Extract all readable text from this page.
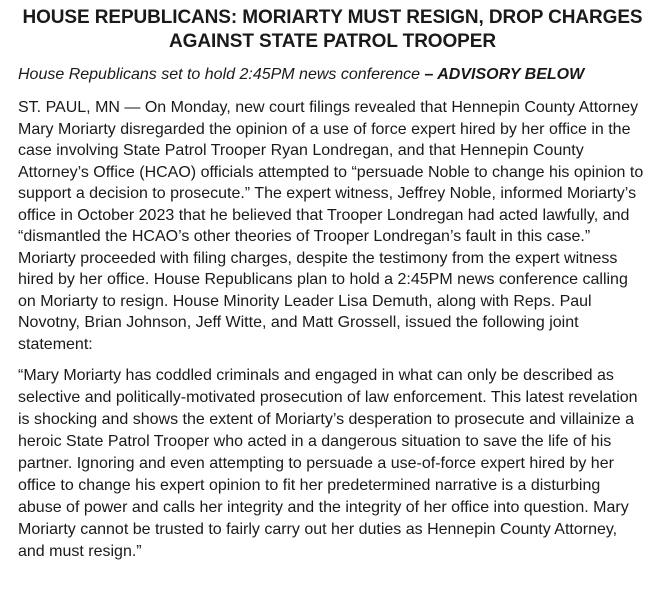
HOUSE REPUBLICANS: MORIARTY MUST RESIGN, DROP CHARGES AGAINST STATE PATROL TROOPER

House Republicans set to hold 2:45PM news conference – ADVISORY BELOW

ST. PAUL, MN — On Monday, new court filings revealed that Hennepin County Attorney Mary Moriarty disregarded the opinion of a use of force expert hired by her office in the case involving State Patrol Trooper Ryan Londregan, and that Hennepin County Attorney’s Office (HCAO) officials attempted to “persuade Noble to change his opinion to support a decision to prosecute.” The expert witness, Jeffrey Noble, informed Moriarty’s office in October 2023 that he believed that Trooper Londregan had acted lawfully, and “dismantled the HCAO’s other theories of Trooper Londregan’s fault in this case.” Moriarty proceeded with filing charges, despite the testimony from the expert witness hired by her office. House Republicans plan to hold a 2:45PM news conference calling on Moriarty to resign. House Minority Leader Lisa Demuth, along with Reps. Paul Novotny, Brian Johnson, Jeff Witte, and Matt Grossell, issued the following joint statement:

“Mary Moriarty has coddled criminals and engaged in what can only be described as selective and politically-motivated prosecution of law enforcement. This latest revelation is shocking and shows the extent of Moriarty’s desperation to prosecute and villainize a heroic State Patrol Trooper who acted in a dangerous situation to save the life of his partner. Ignoring and even attempting to persuade a use-of-force expert hired by her office to change his expert opinion to fit her predetermined narrative is a disturbing abuse of power and calls her integrity and the integrity of her office into question. Mary Moriarty cannot be trusted to fairly carry out her duties as Hennepin County Attorney, and must resign.”
